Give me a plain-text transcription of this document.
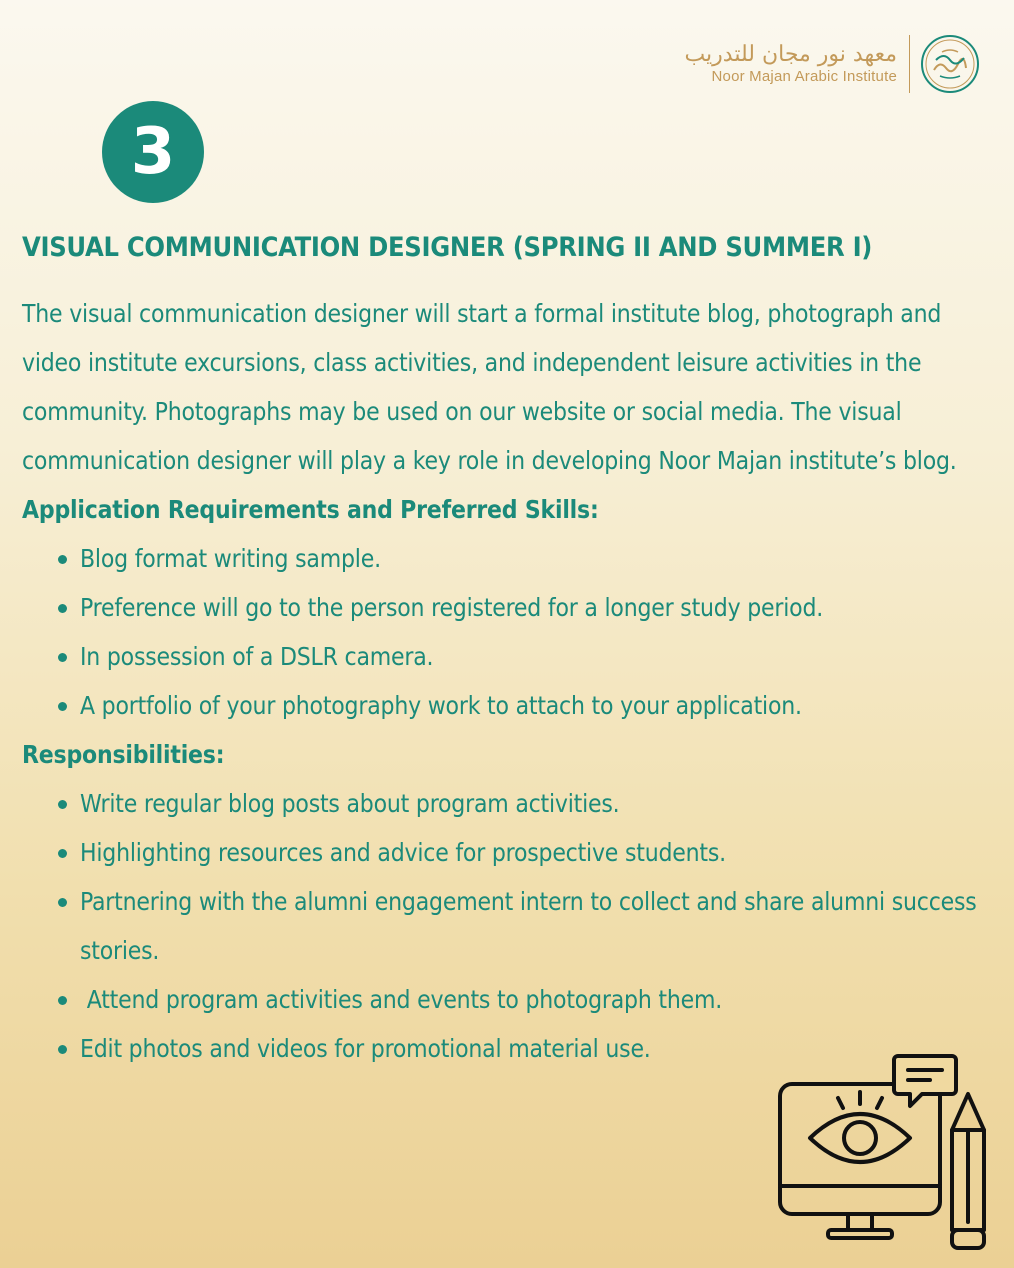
معهد نور مجان للتدريب
Noor Majan Arabic Institute
3
VISUAL COMMUNICATION DESIGNER (SPRING II AND SUMMER I)

The visual communication designer will start a formal institute blog, photograph and video institute excursions, class activities, and independent leisure activities in the community. Photographs may be used on our website or social media. The visual communication designer will play a key role in developing Noor Majan institute’s blog.

Application Requirements and Preferred Skills:

Blog format writing sample.
Preference will go to the person registered for a longer study period.
In possession of a DSLR camera.
A portfolio of your photography work to attach to your application.

Responsibilities:

Write regular blog posts about program activities.
Highlighting resources and advice for prospective students.
Partnering with the alumni engagement intern to collect and share alumni success stories.
Attend program activities and events to photograph them.
Edit photos and videos for promotional material use.
